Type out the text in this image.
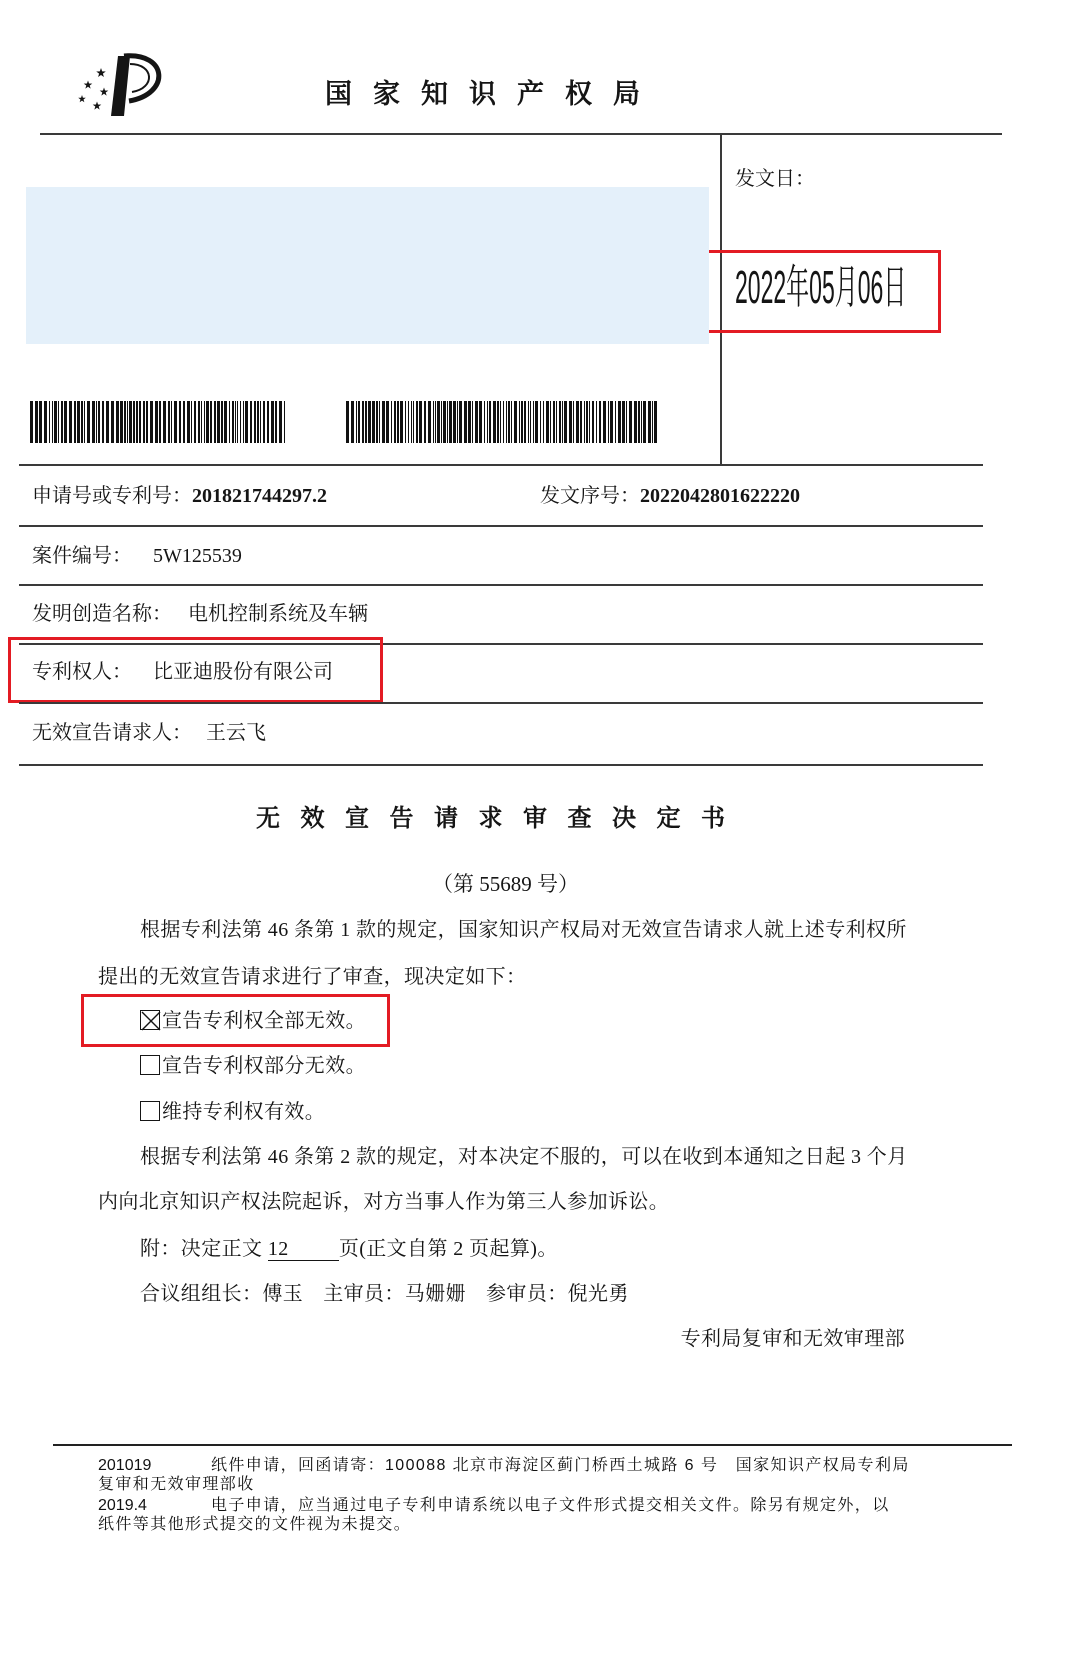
国家知识产权局
发文日：
2022年05月06日
申请号或专利号：201821744297.2	发文序号：2022042801622220
案件编号： 5W125539
发明创造名称： 电机控制系统及车辆
专利权人： 比亚迪股份有限公司
无效宣告请求人： 王云飞
无效宣告请求审查决定书
（第 55689 号）
根据专利法第 46 条第 1 款的规定，国家知识产权局对无效宣告请求人就上述专利权所
提出的无效宣告请求进行了审查，现决定如下：
宣告专利权全部无效。
宣告专利权部分无效。
维持专利权有效。
根据专利法第 46 条第 2 款的规定，对本决定不服的，可以在收到本通知之日起 3 个月
内向北京知识产权法院起诉，对方当事人作为第三人参加诉讼。
附：决定正文 12	页(正文自第 2 页起算)。
合议组组长：傅玉 主审员：马姗姗 参审员：倪光勇
专利局复审和无效审理部
201019	纸件申请，回函请寄：100088 北京市海淀区蓟门桥西土城路 6 号   国家知识产权局专利局
复审和无效审理部收
2019.4	电子申请，应当通过电子专利申请系统以电子文件形式提交相关文件。除另有规定外，以
纸件等其他形式提交的文件视为未提交。
